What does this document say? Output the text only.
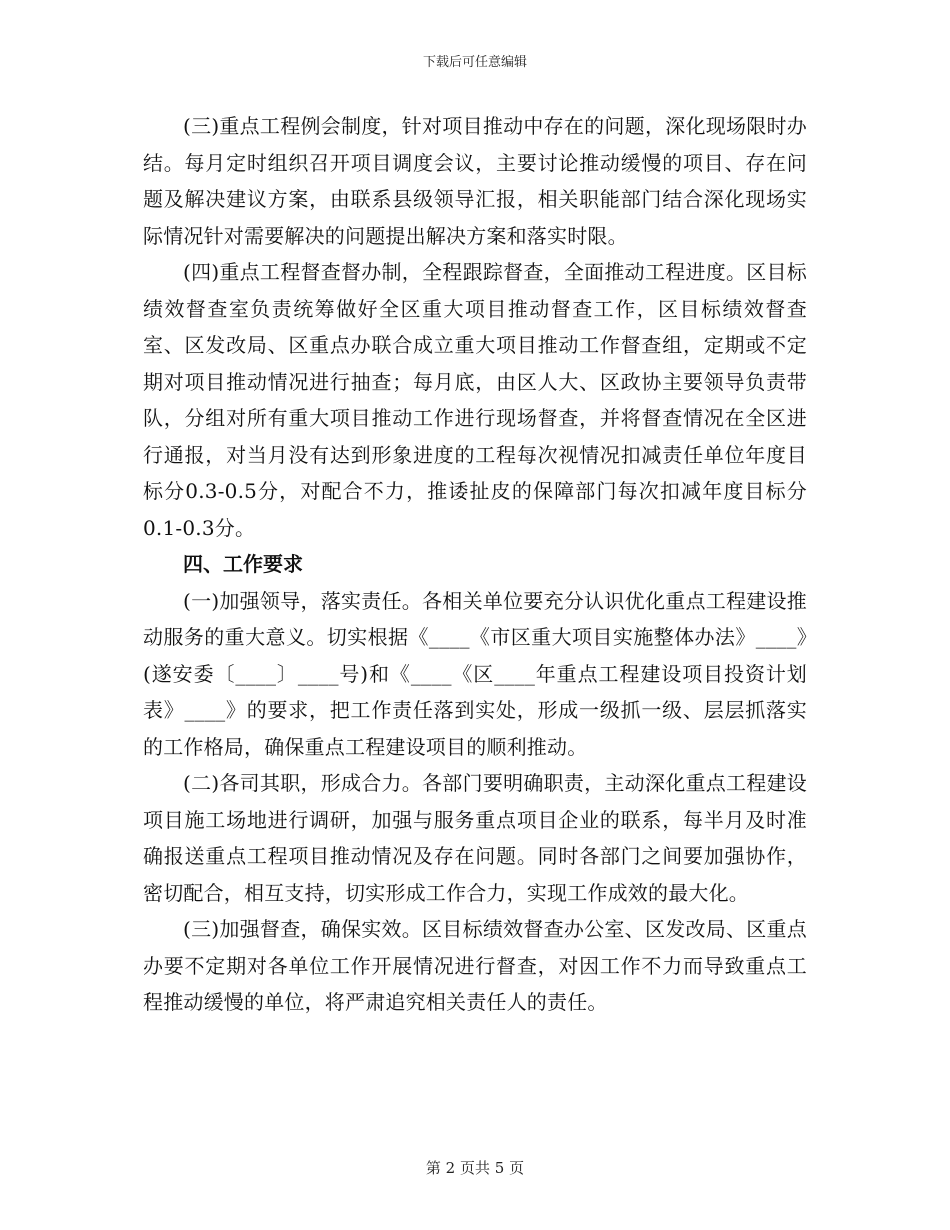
下载后可任意编辑

(三)重点工程例会制度，针对项目推动中存在的问题，深化现场限时办结。每月定时组织召开项目调度会议，主要讨论推动缓慢的项目、存在问题及解决建议方案，由联系县级领导汇报，相关职能部门结合深化现场实际情况针对需要解决的问题提出解决方案和落实时限。

(四)重点工程督查督办制，全程跟踪督查，全面推动工程进度。区目标绩效督查室负责统筹做好全区重大项目推动督查工作，区目标绩效督查室、区发改局、区重点办联合成立重大项目推动工作督查组，定期或不定期对项目推动情况进行抽查；每月底，由区人大、区政协主要领导负责带队，分组对所有重大项目推动工作进行现场督查，并将督查情况在全区进行通报，对当月没有达到形象进度的工程每次视情况扣减责任单位年度目标分0.3-0.5分，对配合不力，推诿扯皮的保障部门每次扣减年度目标分0.1-0.3分。

四、工作要求

(一)加强领导，落实责任。各相关单位要充分认识优化重点工程建设推动服务的重大意义。切实根据《____《市区重大项目实施整体办法》____》(遂安委〔____〕____号)和《____《区____年重点工程建设项目投资计划表》____》的要求，把工作责任落到实处，形成一级抓一级、层层抓落实的工作格局，确保重点工程建设项目的顺利推动。

(二)各司其职，形成合力。各部门要明确职责，主动深化重点工程建设项目施工场地进行调研，加强与服务重点项目企业的联系，每半月及时准确报送重点工程项目推动情况及存在问题。同时各部门之间要加强协作，密切配合，相互支持，切实形成工作合力，实现工作成效的最大化。

(三)加强督查，确保实效。区目标绩效督查办公室、区发改局、区重点办要不定期对各单位工作开展情况进行督查，对因工作不力而导致重点工程推动缓慢的单位，将严肃追究相关责任人的责任。

第 2 页共 5 页
